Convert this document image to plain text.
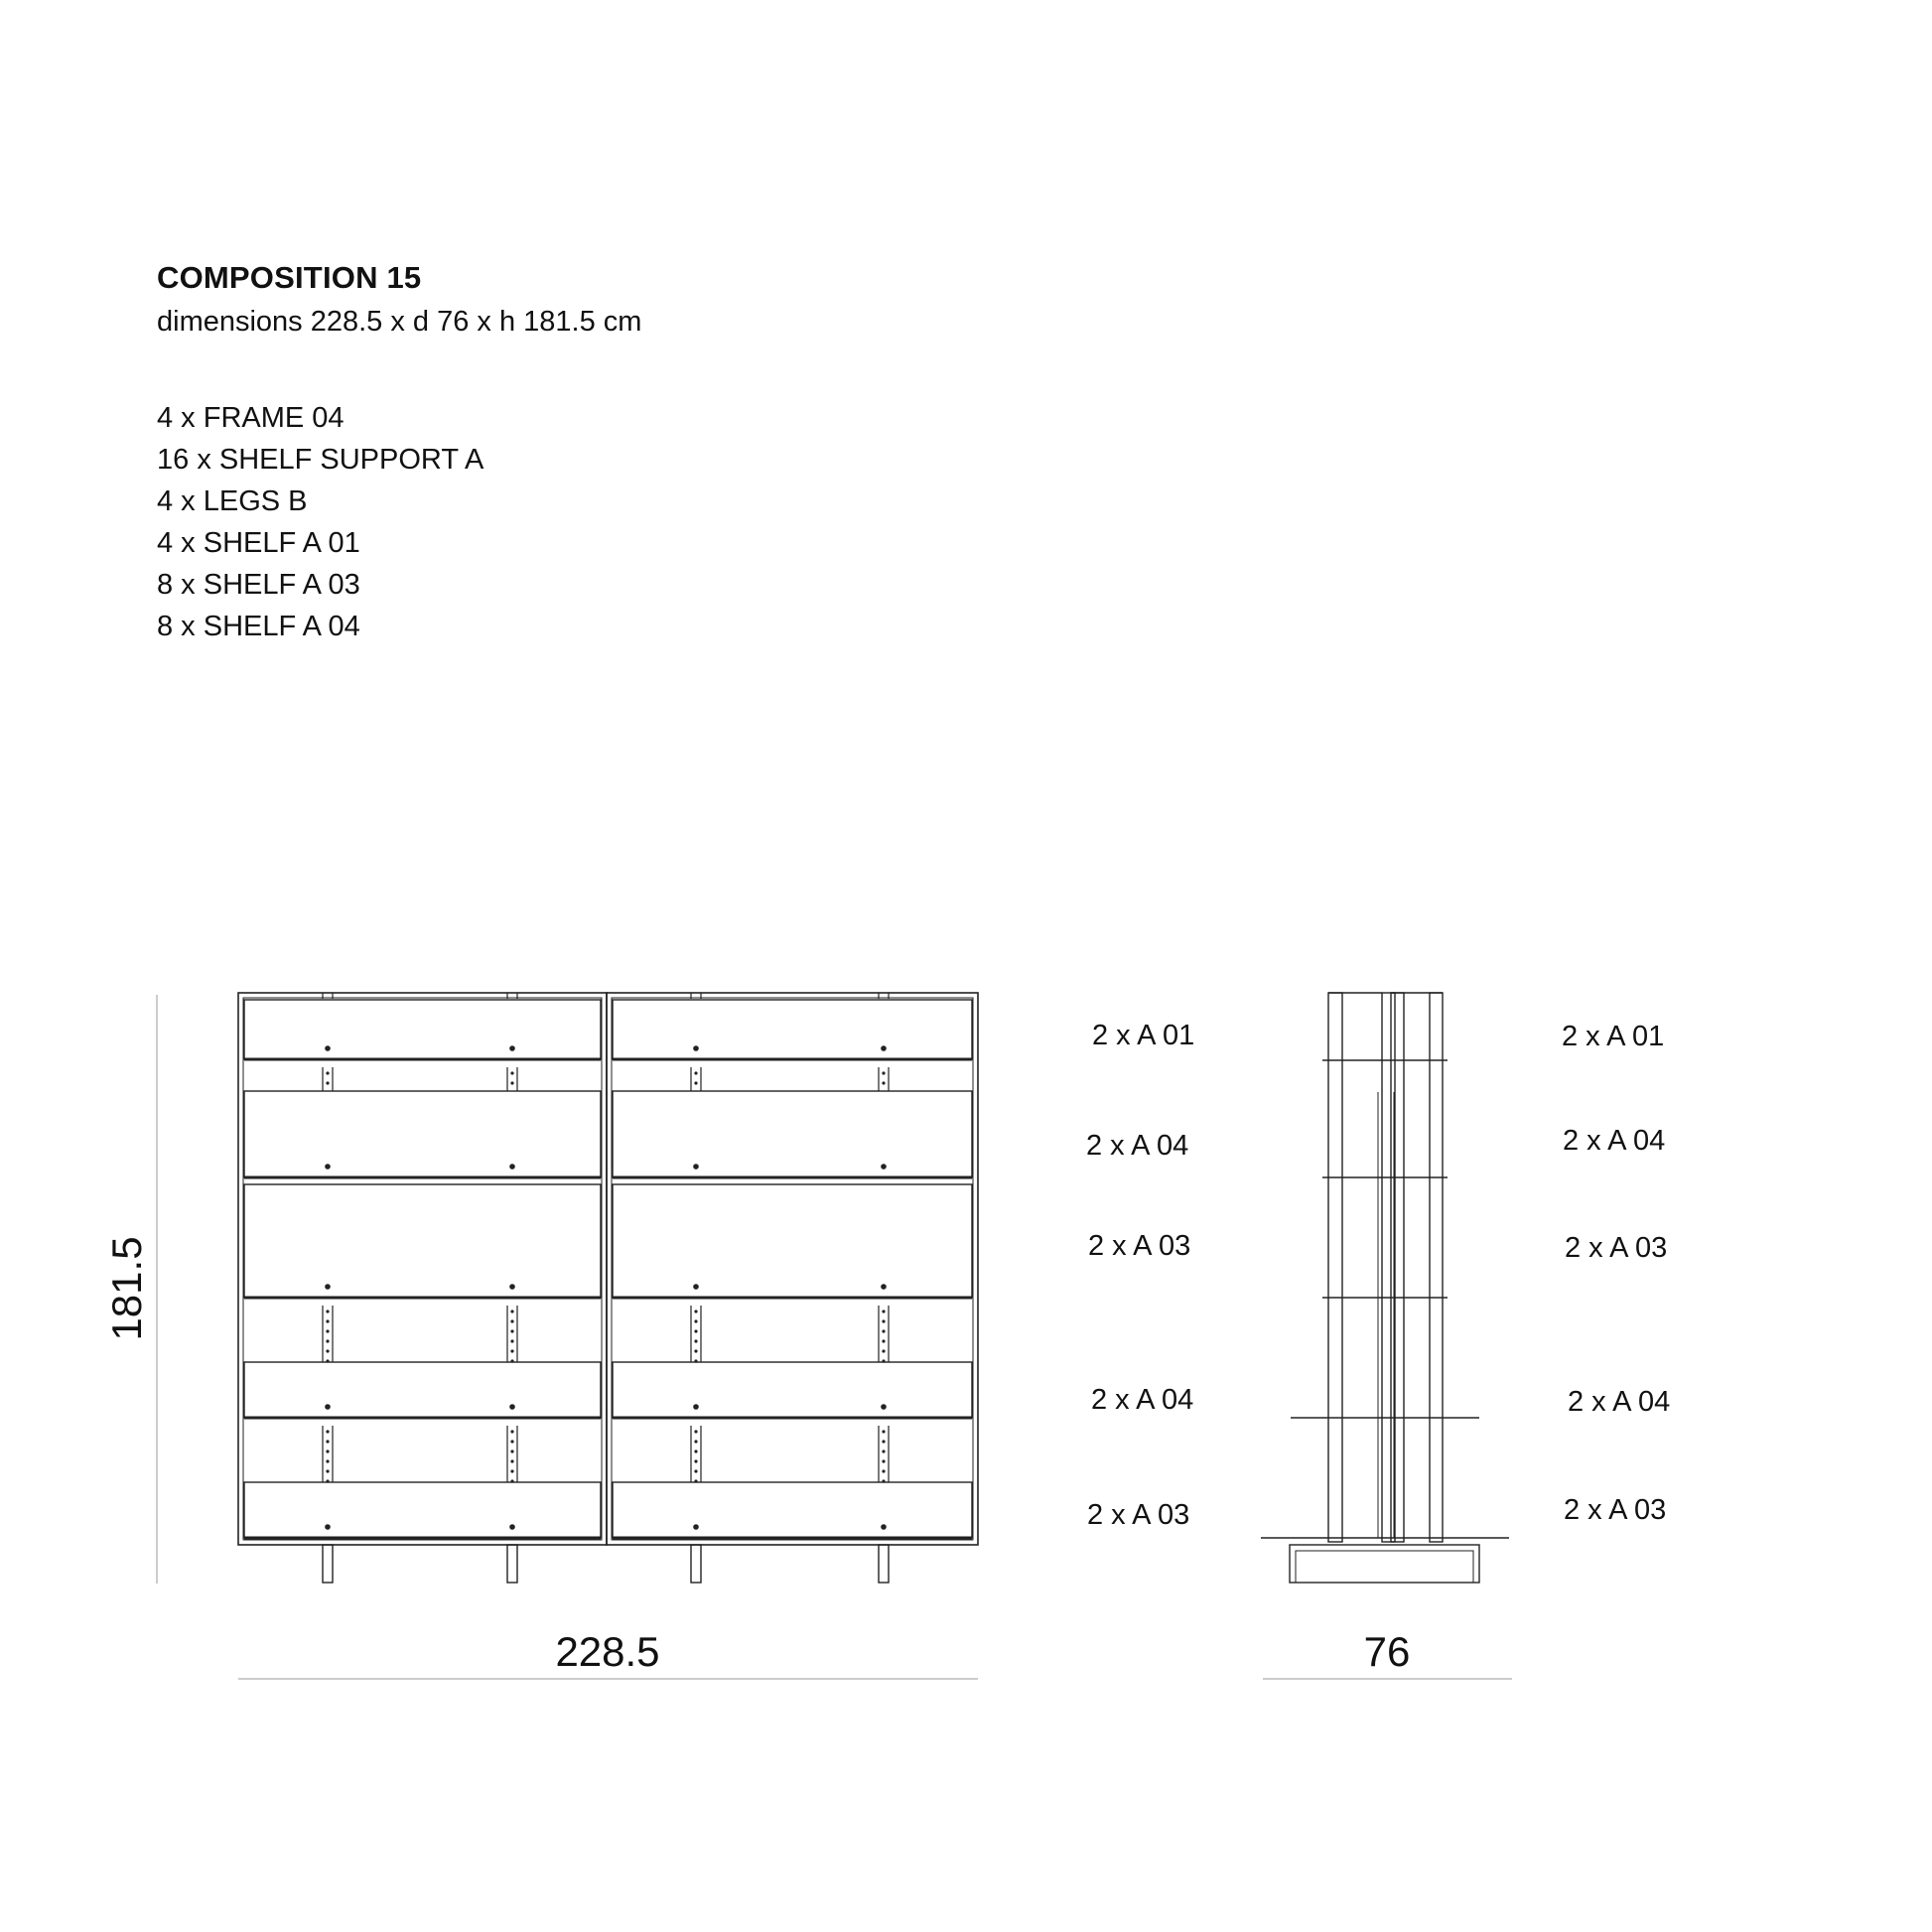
COMPOSITION 15

dimensions 228.5 x d 76 x h 181.5 cm

4 x FRAME 04
16 x SHELF SUPPORT A
4 x LEGS B
4 x SHELF A 01
8 x SHELF A 03
8 x SHELF A 04
181.5
228.5	76
2 x A 01
2 x A 04
2 x A 03
2 x A 04
2 x A 03
2 x A 01
2 x A 04
2 x A 03
2 x A 04
2 x A 03
